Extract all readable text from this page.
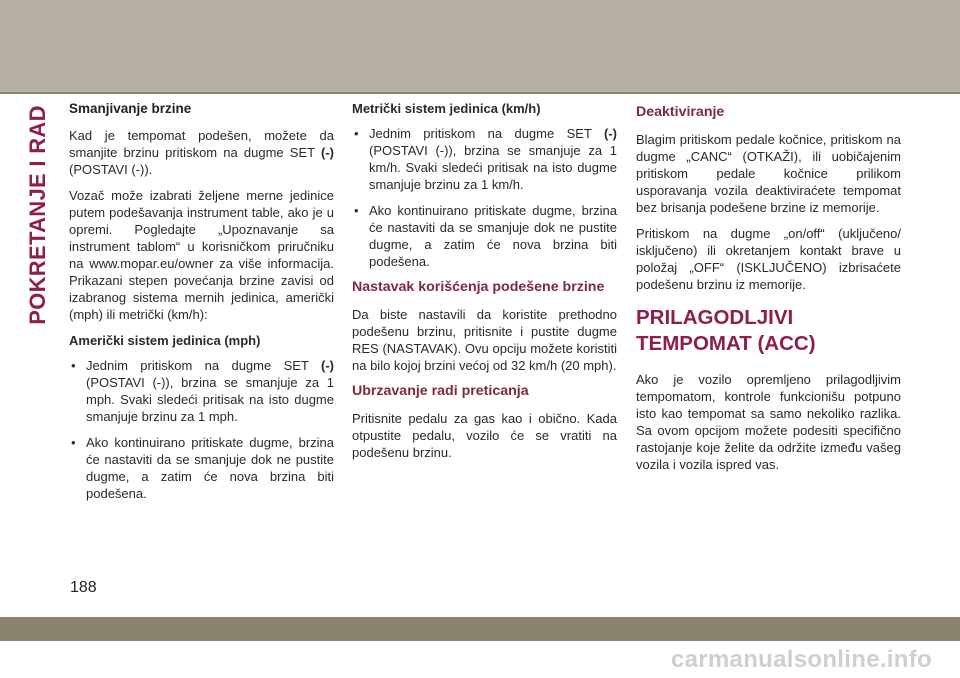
POKRETANJE I RAD Smanjivanje brzine

Kad je tempomat podešen, možete da smanjite brzinu pritiskom na dugme SET (-) (POSTAVI (-)).

Vozač može izabrati željene merne jedinice putem podešavanja instrument table, ako je u opremi. Pogledajte „Upoznavanje sa instrument tablom“ u korisničkom priručniku na www.mopar.eu/owner za više informacija. Prikazani stepen povećanja brzine zavisi od izabranog sistema mernih jedinica, američki (mph) ili metrički (km/h):

Američki sistem jedinica (mph)

• Jednim pritiskom na dugme SET (-) (POSTAVI (-)), brzina se smanjuje za 1 mph. Svaki sledeći pritisak na isto dugme smanjuje brzinu za 1 mph.
• Ako kontinuirano pritiskate dugme, brzina će nastaviti da se smanjuje dok ne pustite dugme, a zatim će nova brzina biti podešena.

Metrički sistem jedinica (km/h)

• Jednim pritiskom na dugme SET (-) (POSTAVI (-)), brzina se smanjuje za 1 km/h. Svaki sledeći pritisak na isto dugme smanjuje brzinu za 1 km/h.
• Ako kontinuirano pritiskate dugme, brzina će nastaviti da se smanjuje dok ne pustite dugme, a zatim će nova brzina biti podešena.
Nastavak korišćenja podešene brzine

Da biste nastavili da koristite prethodno podešenu brzinu, pritisnite i pustite dugme RES (NASTAVAK). Ovu opciju možete koristiti na bilo kojoj brzini većoj od 32 km/h (20 mph).

Ubrzavanje radi preticanja

Pritisnite pedalu za gas kao i obično. Kada otpustite pedalu, vozilo će se vratiti na podešenu brzinu.

Deaktiviranje

Blagim pritiskom pedale kočnice, pritiskom na dugme „CANC“ (OTKAŽI), ili uobičajenim pritiskom pedale kočnice prilikom usporavanja vozila deaktiviraćete tempomat bez brisanja podešene brzine iz memorije.

Pritiskom na dugme „on/off“ (uključeno/ isključeno) ili okretanjem kontakt brave u položaj „OFF“ (ISKLJUČENO) izbrisaćete podešenu brzinu iz memorije.

PRILAGODLJIVI TEMPOMAT (ACC)

Ako je vozilo opremljeno prilagodljivim tempomatom, kontrole funkcionišu potpuno isto kao tempomat sa samo nekoliko razlika. Sa ovom opcijom možete podesiti specifično rastojanje koje želite da održite između vašeg vozila i vozila ispred vas.

188
carmanualsonline.info
